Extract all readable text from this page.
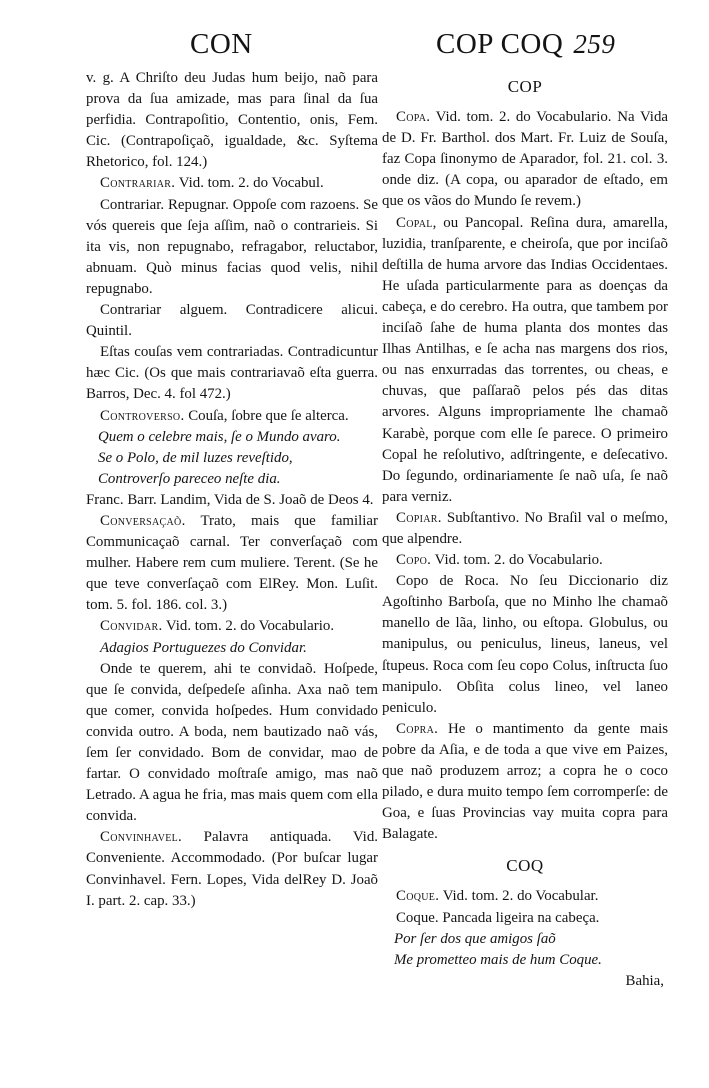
CON	COP COQ 259

v. g. A Chriſto deu Judas hum beijo, naõ para prova da ſua amizade, mas para ſinal da ſua perfidia. Contrapoſitio, Contentio, onis, Fem. Cic. (Contrapoſiçaõ, igualdade, &c. Syſtema Rhetorico, fol. 124.)

Contrariar. Vid. tom. 2. do Vocabul.

Contrariar. Repugnar. Oppoſe com razoens. Se vós quereis que ſeja aſſim, naõ o contrarieis. Si ita vis, non repugnabo, refragabor, reluctabor, abnuam. Quò minus facias quod velis, nihil repugnabo.

Contrariar alguem. Contradicere alicui. Quintil.

Eſtas couſas vem contrariadas. Contradicuntur hæc Cic. (Os que mais contrariavaõ eſta guerra. Barros, Dec. 4. fol 472.)

Controverso. Couſa, ſobre que ſe altercа.

Quem o celebre mais, ſe o Mundo avaro.

Se o Polo, de mil luzes reveſtido,

Controverſo pareceo neſte dia.

Franc. Barr. Landim, Vida de S. Joaõ de Deos 4.

Conversaçaõ. Trato, mais que familiar Communicaçaõ carnal. Ter converſaçaõ com mulher. Habere rem cum muliere. Terent. (Se he que teve converſaçaõ com ElRey. Mon. Luſit. tom. 5. fol. 186. col. 3.)

Convidar. Vid. tom. 2. do Vocabulario.

Adagios Portuguezes do Convidar.

Onde te querem, ahi te convidaõ. Hoſpede, que ſe convida, deſpedeſe aſinha. Axa naõ tem que comer, convida hoſpedes. Hum convidado convida outro. A boda, nem bautizado naõ vás, ſem ſer convidado. Bom de convidar, mao de fartar. O convidado moſtraſe amigo, mas naõ Letrado. A agua he fria, mas mais quem com ella convida.

Convinhavel. Palavra antiquada. Vid. Conveniente. Accommodado. (Por buſcar lugar Convinhavel. Fern. Lopes, Vida delRey D. Joaõ I. part. 2. cap. 33.)

COP

Copa. Vid. tom. 2. do Vocabulario. Na Vida de D. Fr. Barthol. dos Mart. Fr. Luiz de Souſa, faz Copa ſinonymo de Aparador, fol. 21. col. 3. onde diz. (A copa, ou aparador de eſtado, em que os vãos do Mundo ſe revem.)

Copal, ou Pancopal. Reſina dura, amarella, luzidia, tranſparente, e cheiroſa, que por inciſaõ deſtilla de huma arvore das Indias Occidentaes. He uſada particularmente para as doenças da cabeça, e do cerebro. Ha outra, que tambem por inciſaõ ſahe de huma planta dos montes das Ilhas Antilhas, e ſe acha nas margens dos rios, ou nas enxurradas das torrentes, ou cheas, e chuvas, que paſſaraõ pelos pés das ditas arvores. Alguns impropriamente lhe chamaõ Karabè, porque com elle ſe parece. O primeiro Copal he reſolutivo, adſtringente, e deſecativo. Do ſegundo, ordinariamente ſe naõ uſa, ſe naõ para verniz.

Copiar. Subſtantivo. No Braſil val o meſmo, que alpendre.

Copo. Vid. tom. 2. do Vocabulario.

Copo de Roca. No ſeu Diccionario diz Agoſtinho Barboſa, que no Minho lhe chamaõ manello de lãa, linho, ou eſtopa. Globulus, ou manipulus, ou peniculus, lineus, laneus, vel ſtupeus. Roca com ſeu copo Colus, inſtructa ſuo manipulo. Obſita colus lineo, vel laneo peniculo.

Copra. He o mantimento da gente mais pobre da Aſia, e de toda a que vive em Paizes, que naõ produzem arroz; a copra he o coco pilado, e dura muito tempo ſem corromperſe: de Goa, e ſuas Provincias vay muita copra para Balagate.

COQ

Coque. Vid. tom. 2. do Vocabular.

Coque. Pancada ligeira na cabeça.

Por ſer dos que amigos ſaõ

Me prometteo mais de hum Coque.

Bahia,
